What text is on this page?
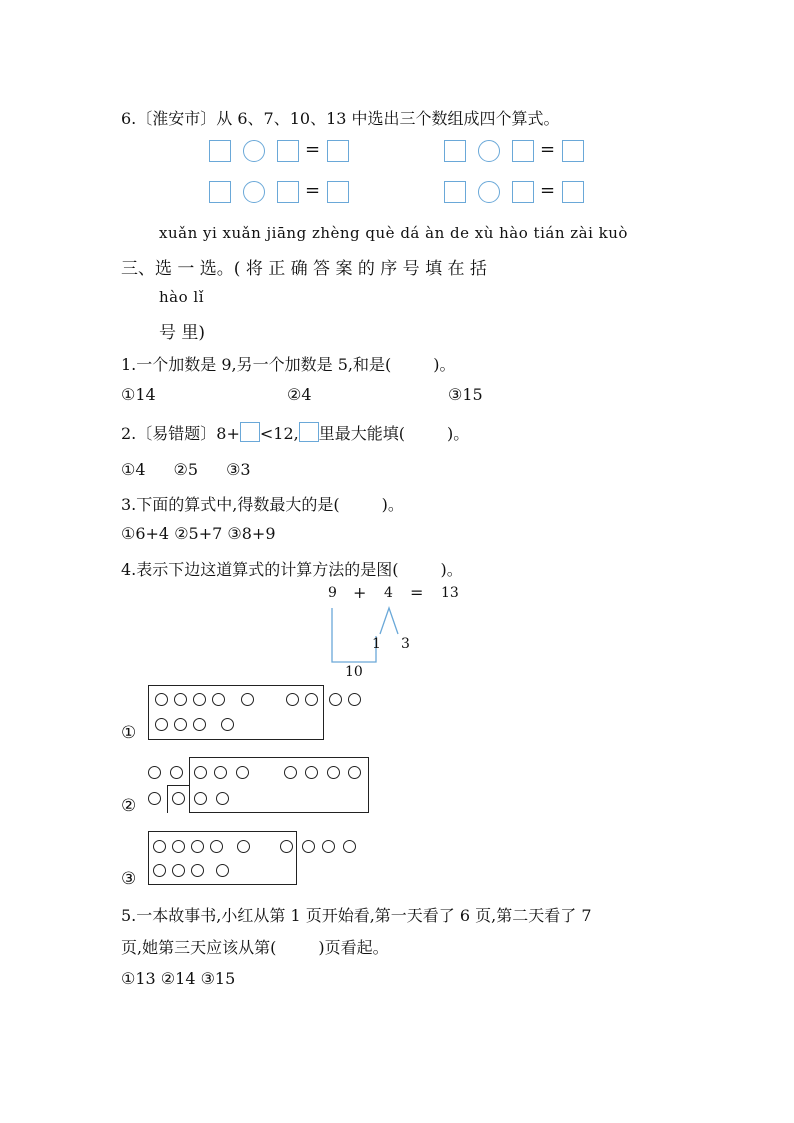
6.〔淮安市〕从 6、7、10、13 中选出三个数组成四个算式。
=	=
=	=
xuǎn yi xuǎn jiāng zhèng què dá àn de xù hào tián zài kuò
三、选 一 选。( 将 正 确 答 案 的 序 号 填 在 括
hào lǐ
号 里)
1.一个加数是 9,另一个加数是 5,和是(	)。
①14	②4	③15
2.〔易错题〕8+ <12, 里最大能填(	)。
①4 ②5 ③3
3.下面的算式中,得数最大的是(	)。
①6+4 ②5+7 ③8+9
4.表示下边这道算式的计算方法的是图(	)。
9 + 4 = 13
1 3
10
①
②
③
5.一本故事书,小红从第 1 页开始看,第一天看了 6 页,第二天看了 7
页,她第三天应该从第(	)页看起。
①13 ②14 ③15
